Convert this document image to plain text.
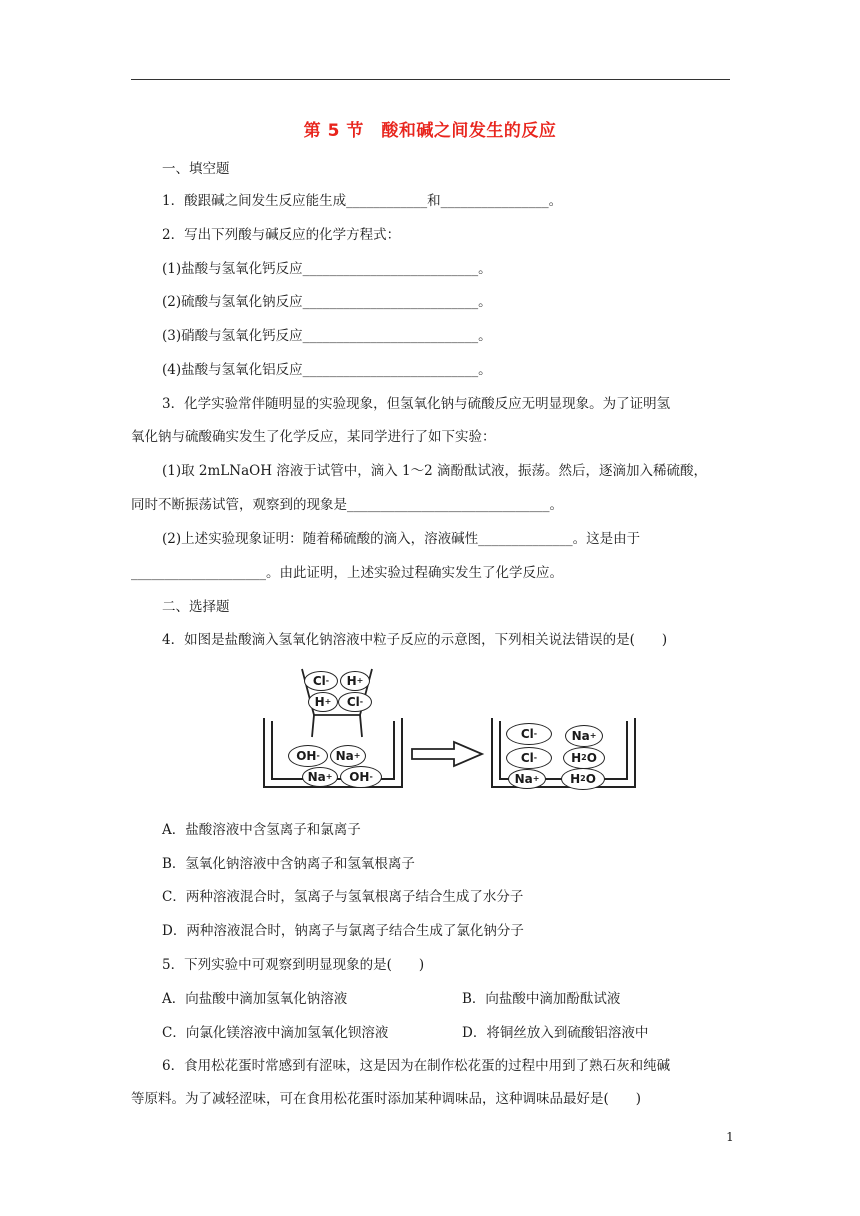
第 5 节　酸和碱之间发生的反应
一、填空题
1．酸跟碱之间发生反应能生成____________和________________。
2．写出下列酸与碱反应的化学方程式：
(1)盐酸与氢氧化钙反应__________________________。
(2)硫酸与氢氧化钠反应__________________________。
(3)硝酸与氢氧化钙反应__________________________。
(4)盐酸与氢氧化铝反应__________________________。
3．化学实验常伴随明显的实验现象，但氢氧化钠与硫酸反应无明显现象。为了证明氢
氧化钠与硫酸确实发生了化学反应，某同学进行了如下实验：
(1)取 2mLNaOH 溶液于试管中，滴入 1～2 滴酚酞试液，振荡。然后，逐滴加入稀硫酸，
同时不断振荡试管，观察到的现象是______________________________。
(2)上述实验现象证明：随着稀硫酸的滴入，溶液碱性______________。这是由于
____________________。由此证明，上述实验过程确实发生了化学反应。
二、选择题
4．如图是盐酸滴入氢氧化钠溶液中粒子反应的示意图，下列相关说法错误的是(　　)
Cl - H +
H + Cl -
OH - Na +
Na + OH -
Cl -	Na +
Cl -	H 2 O
Na +	H 2 O
A．盐酸溶液中含氢离子和氯离子
B．氢氧化钠溶液中含钠离子和氢氧根离子
C．两种溶液混合时，氢离子与氢氧根离子结合生成了水分子
D．两种溶液混合时，钠离子与氯离子结合生成了氯化钠分子
5．下列实验中可观察到明显现象的是(　　)
A．向盐酸中滴加氢氧化钠溶液	B．向盐酸中滴加酚酞试液
C．向氯化镁溶液中滴加氢氧化钡溶液	D．将铜丝放入到硫酸铝溶液中
6．食用松花蛋时常感到有涩味，这是因为在制作松花蛋的过程中用到了熟石灰和纯碱
等原料。为了减轻涩味，可在食用松花蛋时添加某种调味品，这种调味品最好是(　　)
1
